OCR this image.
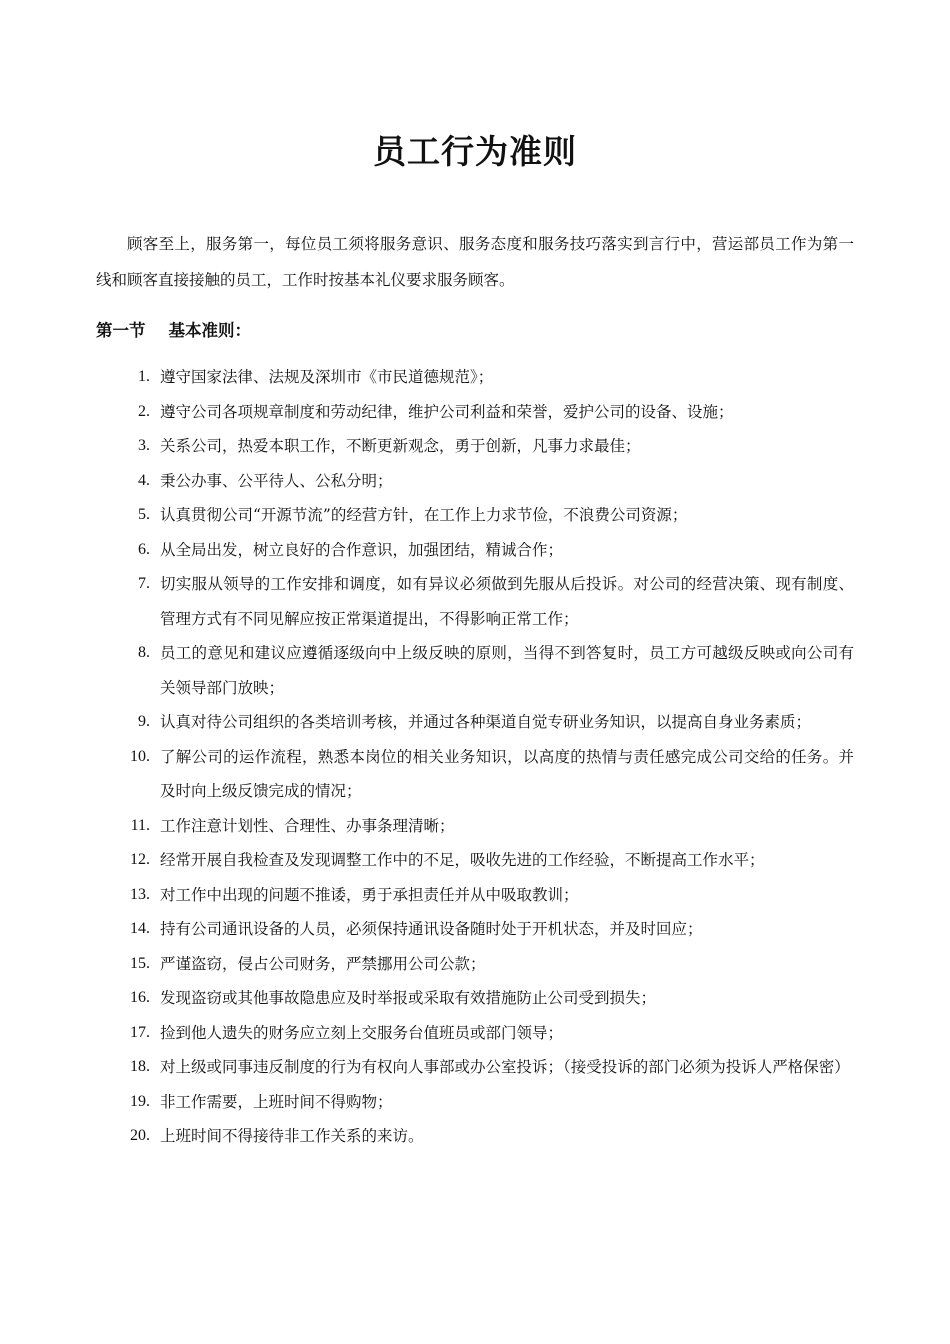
员工行为准则

顾客至上，服务第一，每位员工须将服务意识、服务态度和服务技巧落实到言行中，营运部员工作为第一线和顾客直接接触的员工，工作时按基本礼仪要求服务顾客。

第一节    基本准则：
1. 遵守国家法律、法规及深圳市《市民道德规范》；
2. 遵守公司各项规章制度和劳动纪律，维护公司利益和荣誉，爱护公司的设备、设施；
3. 关系公司，热爱本职工作，不断更新观念，勇于创新，凡事力求最佳；
4. 秉公办事、公平待人、公私分明；
5. 认真贯彻公司“开源节流”的经营方针，在工作上力求节俭，不浪费公司资源；
6. 从全局出发，树立良好的合作意识，加强团结，精诚合作；
7. 切实服从领导的工作安排和调度，如有异议必须做到先服从后投诉。对公司的经营决策、现有制度、管理方式有不同见解应按正常渠道提出，不得影响正常工作；
8. 员工的意见和建议应遵循逐级向中上级反映的原则，当得不到答复时，员工方可越级反映或向公司有关领导部门放映；
9. 认真对待公司组织的各类培训考核，并通过各种渠道自觉专研业务知识，以提高自身业务素质；
10. 了解公司的运作流程，熟悉本岗位的相关业务知识，以高度的热情与责任感完成公司交给的任务。并及时向上级反馈完成的情况；
11. 工作注意计划性、合理性、办事条理清晰；
12. 经常开展自我检查及发现调整工作中的不足，吸收先进的工作经验，不断提高工作水平；
13. 对工作中出现的问题不推诿，勇于承担责任并从中吸取教训；
14. 持有公司通讯设备的人员，必须保持通讯设备随时处于开机状态，并及时回应；
15. 严谨盗窃，侵占公司财务，严禁挪用公司公款；
16. 发现盗窃或其他事故隐患应及时举报或采取有效措施防止公司受到损失；
17. 捡到他人遗失的财务应立刻上交服务台值班员或部门领导；
18. 对上级或同事违反制度的行为有权向人事部或办公室投诉；（接受投诉的部门必须为投诉人严格保密）
19. 非工作需要，上班时间不得购物；
20. 上班时间不得接待非工作关系的来访。
